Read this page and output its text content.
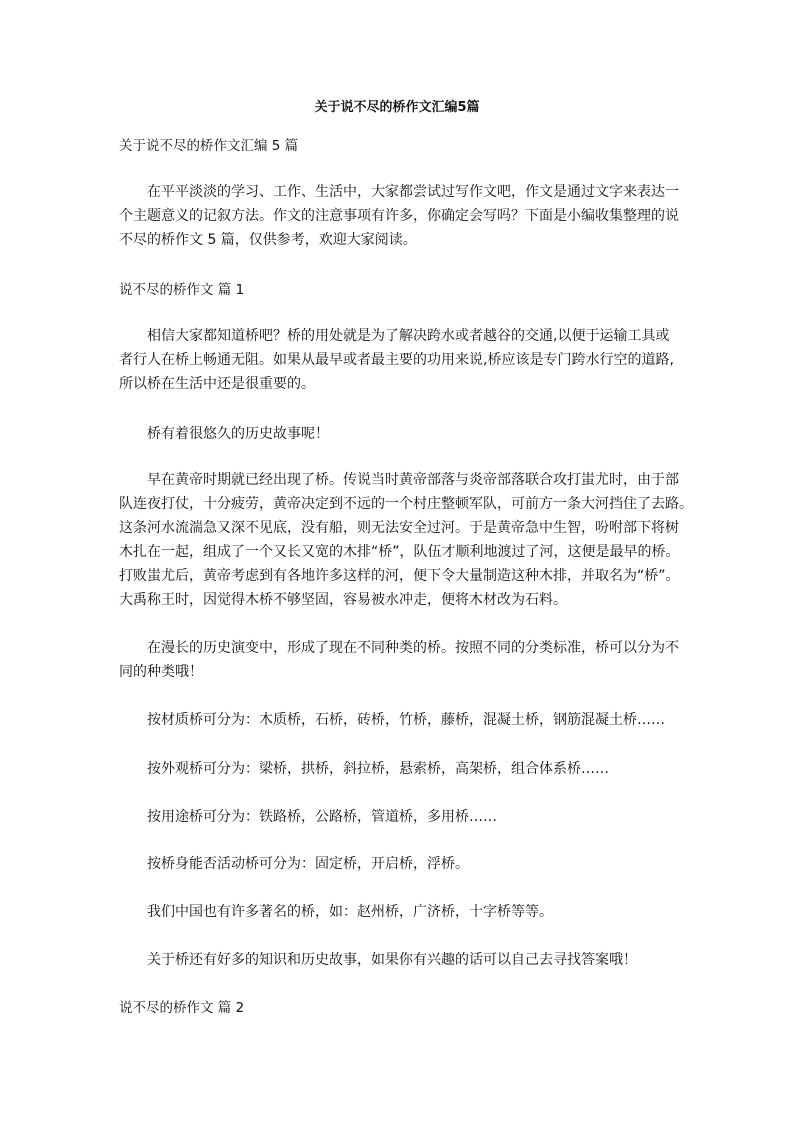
关于说不尽的桥作文汇编5篇

关于说不尽的桥作文汇编 5 篇

在平平淡淡的学习、工作、生活中，大家都尝试过写作文吧，作文是通过文字来表达一
个主题意义的记叙方法。作文的注意事项有许多，你确定会写吗？下面是小编收集整理的说
不尽的桥作文 5 篇，仅供参考，欢迎大家阅读。

说不尽的桥作文 篇 1

相信大家都知道桥吧？桥的用处就是为了解决跨水或者越谷的交通,以便于运输工具或
者行人在桥上畅通无阻。如果从最早或者最主要的功用来说,桥应该是专门跨水行空的道路,
所以桥在生活中还是很重要的。

桥有着很悠久的历史故事呢！

早在黄帝时期就已经出现了桥。传说当时黄帝部落与炎帝部落联合攻打蚩尤时，由于部
队连夜打仗，十分疲劳，黄帝决定到不远的一个村庄整顿军队，可前方一条大河挡住了去路。
这条河水流湍急又深不见底，没有船，则无法安全过河。于是黄帝急中生智，吩咐部下将树
木扎在一起，组成了一个又长又宽的木排“桥”，队伍才顺利地渡过了河，这便是最早的桥。
打败蚩尤后，黄帝考虑到有各地许多这样的河，便下令大量制造这种木排，并取名为“桥”。
大禹称王时，因觉得木桥不够坚固，容易被水冲走，便将木材改为石料。
在漫长的历史演变中，形成了现在不同种类的桥。按照不同的分类标准，桥可以分为不
同的种类哦！

按材质桥可分为：木质桥，石桥，砖桥，竹桥，藤桥，混凝土桥，钢筋混凝土桥……

按外观桥可分为：梁桥，拱桥，斜拉桥，悬索桥，高架桥，组合体系桥……

按用途桥可分为：铁路桥，公路桥，管道桥，多用桥……

按桥身能否活动桥可分为：固定桥，开启桥，浮桥。

我们中国也有许多著名的桥，如：赵州桥，广济桥，十字桥等等。

关于桥还有好多的知识和历史故事，如果你有兴趣的话可以自己去寻找答案哦！

说不尽的桥作文 篇 2
